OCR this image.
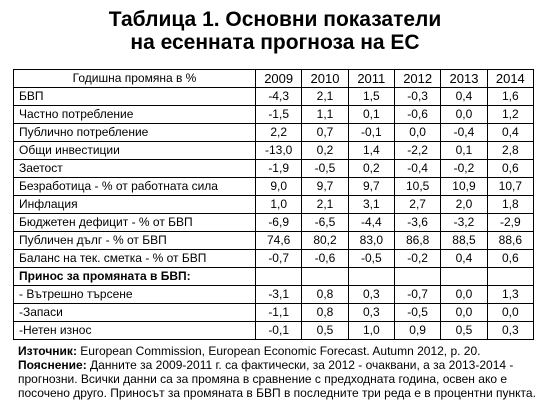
Таблица 1. Основни показатели
на есенната прогноза на ЕС
Годишна промяна в %	2009	2010	2011	2012	2013	2014
БВП	-4,3	2,1	1,5	-0,3	0,4	1,6
Частно потребление	-1,5	1,1	0,1	-0,6	0,0	1,2
Публично потребление	2,2	0,7	-0,1	0,0	-0,4	0,4
Общи инвестиции	-13,0	0,2	1,4	-2,2	0,1	2,8
Заетост	-1,9	-0,5	0,2	-0,4	-0,2	0,6
Безработица - % от работната сила	9,0	9,7	9,7	10,5	10,9	10,7
Инфлация	1,0	2,1	3,1	2,7	2,0	1,8
Бюджетен дефицит - % от БВП	-6,9	-6,5	-4,4	-3,6	-3,2	-2,9
Публичен дълг - % от БВП	74,6	80,2	83,0	86,8	88,5	88,6
Баланс на тек. сметка - % от БВП	-0,7	-0,6	-0,5	-0,2	0,4	0,6
Принос за промяната в БВП:						
- Вътрешно търсене	-3,1	0,8	0,3	-0,7	0,0	1,3
-Запаси	-1,1	0,8	0,3	-0,5	0,0	0,0
-Нетен износ	-0,1	0,5	1,0	0,9	0,5	0,3
Източник: European Commission, European Economic Forecast. Autumn 2012, p. 20.
Пояснение: Данните за 2009-2011 г. са фактически, за 2012 - очаквани, а за 2013-2014 - прогнозни. Всички данни са за промяна в сравнение с предходната година, освен ако е посочено друго. Приносът за промяната в БВП в последните три реда е в процентни пункта.
